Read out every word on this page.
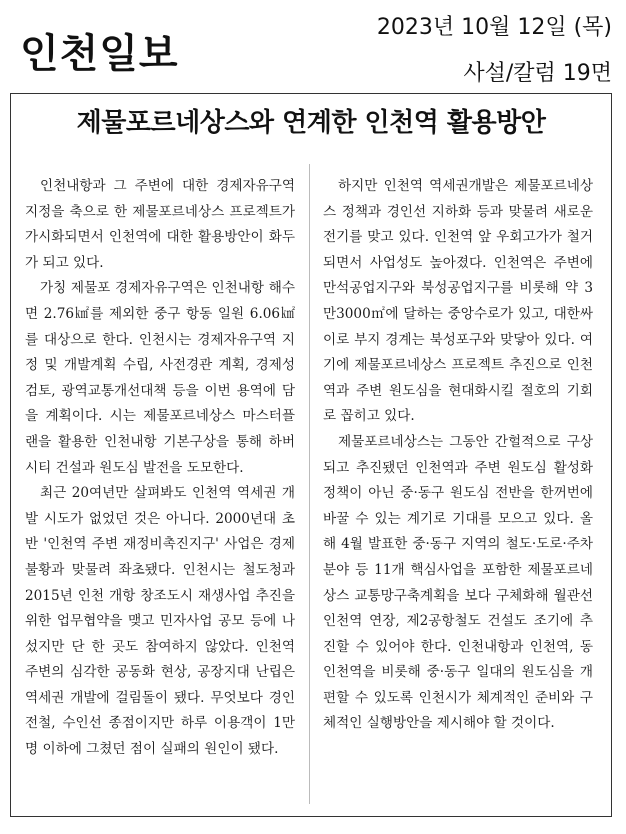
인천일보
2023년 10월 12일 (목)
사설/칼럼 19면
제물포르네상스와 연계한 인천역 활용방안

인천내항과 그 주변에 대한 경제자유구역 지정을 축으로 한 제물포르네상스 프로젝트가 가시화되면서 인천역에 대한 활용방안이 화두가 되고 있다.

가칭 제물포 경제자유구역은 인천내항 해수면 2.76㎢를 제외한 중구 항동 일원 6.06㎢를 대상으로 한다. 인천시는 경제자유구역 지정 및 개발계획 수립, 사전경관 계획, 경제성검토, 광역교통개선대책 등을 이번 용역에 담을 계획이다. 시는 제물포르네상스 마스터플랜을 활용한 인천내항 기본구상을 통해 하버시티 건설과 원도심 발전을 도모한다.

최근 20여년만 살펴봐도 인천역 역세권 개발 시도가 없었던 것은 아니다. 2000년대 초반 '인천역 주변 재정비촉진지구' 사업은 경제불황과 맞물려 좌초됐다. 인천시는 철도청과 2015년 인천 개항 창조도시 재생사업 추진을 위한 업무협약을 맺고 민자사업 공모 등에 나섰지만 단 한 곳도 참여하지 않았다. 인천역 주변의 심각한 공동화 현상, 공장지대 난립은 역세권 개발에 걸림돌이 됐다. 무엇보다 경인전철, 수인선 종점이지만 하루 이용객이 1만명 이하에 그쳤던 점이 실패의 원인이 됐다.

하지만 인천역 역세권개발은 제물포르네상스 정책과 경인선 지하화 등과 맞물려 새로운 전기를 맞고 있다. 인천역 앞 우회고가가 철거되면서 사업성도 높아졌다. 인천역은 주변에 만석공업지구와 북성공업지구를 비롯해 약 3만3000㎡에 달하는 중앙수로가 있고, 대한싸이로 부지 경계는 북성포구와 맞닿아 있다. 여기에 제물포르네상스 프로젝트 추진으로 인천역과 주변 원도심을 현대화시킬 절호의 기회로 꼽히고 있다.

제물포르네상스는 그동안 간헐적으로 구상되고 추진됐던 인천역과 주변 원도심 활성화 정책이 아닌 중·동구 원도심 전반을 한꺼번에 바꿀 수 있는 계기로 기대를 모으고 있다. 올해 4월 발표한 중·동구 지역의 철도·도로·주차분야 등 11개 핵심사업을 포함한 제물포르네상스 교통망구축계획을 보다 구체화해 월관선 인천역 연장, 제2공항철도 건설도 조기에 추진할 수 있어야 한다. 인천내항과 인천역, 동인천역을 비롯해 중·동구 일대의 원도심을 개편할 수 있도록 인천시가 체계적인 준비와 구체적인 실행방안을 제시해야 할 것이다.
